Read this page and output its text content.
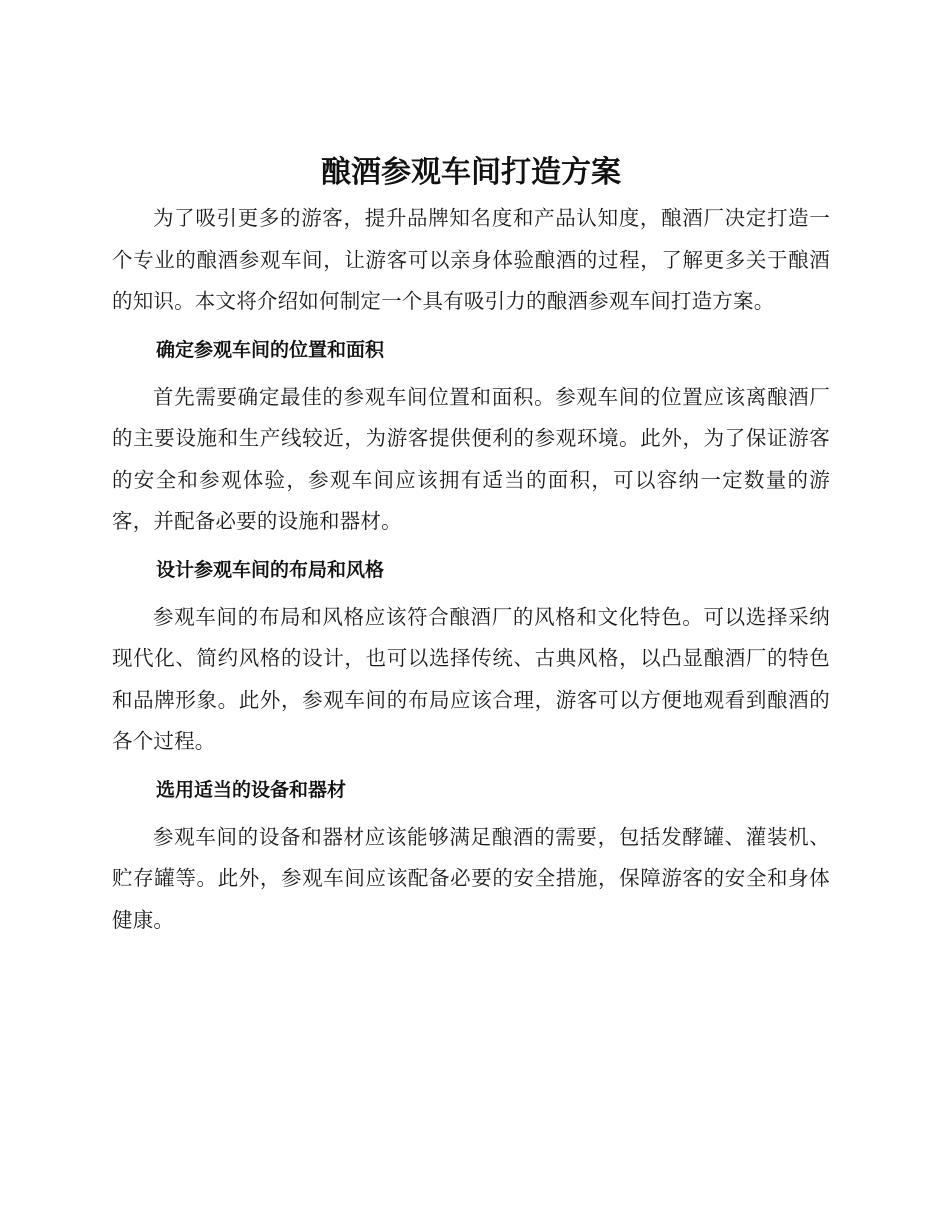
酿酒参观车间打造方案

为了吸引更多的游客，提升品牌知名度和产品认知度，酿酒厂决定打造一个专业的酿酒参观车间，让游客可以亲身体验酿酒的过程，了解更多关于酿酒的知识。本文将介绍如何制定一个具有吸引力的酿酒参观车间打造方案。

确定参观车间的位置和面积

首先需要确定最佳的参观车间位置和面积。参观车间的位置应该离酿酒厂的主要设施和生产线较近，为游客提供便利的参观环境。此外，为了保证游客的安全和参观体验，参观车间应该拥有适当的面积，可以容纳一定数量的游客，并配备必要的设施和器材。

设计参观车间的布局和风格

参观车间的布局和风格应该符合酿酒厂的风格和文化特色。可以选择采纳现代化、简约风格的设计，也可以选择传统、古典风格，以凸显酿酒厂的特色和品牌形象。此外，参观车间的布局应该合理，游客可以方便地观看到酿酒的各个过程。

选用适当的设备和器材

参观车间的设备和器材应该能够满足酿酒的需要，包括发酵罐、灌装机、贮存罐等。此外，参观车间应该配备必要的安全措施，保障游客的安全和身体健康。
